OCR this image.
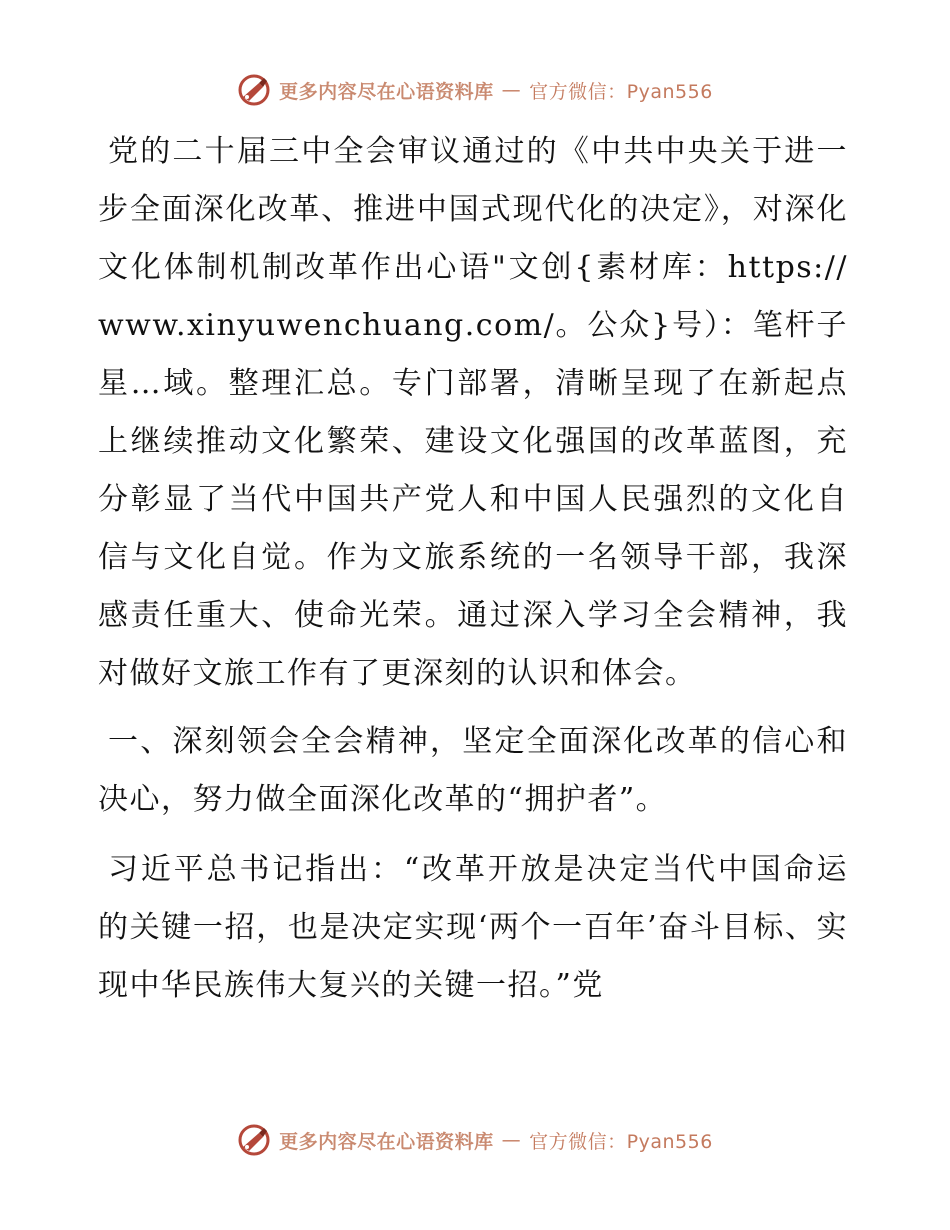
更多内容尽在心语资料库 — 官方微信：Pyan556

党的二十届三中全会审议通过的《中共中央关于进一步全面深化改革、推进中国式现代化的决定》，对深化文化体制机制改革作出心语"文创{素材库：https://www.xinyuwenchuang.com/。公众}号）：笔杆子星…域。整理汇总。专门部署，清晰呈现了在新起点上继续推动文化繁荣、建设文化强国的改革蓝图，充分彰显了当代中国共产党人和中国人民强烈的文化自信与文化自觉。作为文旅系统的一名领导干部，我深感责任重大、使命光荣。通过深入学习全会精神，我对做好文旅工作有了更深刻的认识和体会。

一、深刻领会全会精神，坚定全面深化改革的信心和决心，努力做全面深化改革的“拥护者”。

习近平总书记指出：“改革开放是决定当代中国命运的关键一招，也是决定实现‘两个一百年’奋斗目标、实现中华民族伟大复兴的关键一招。”党

更多内容尽在心语资料库 — 官方微信：Pyan556
